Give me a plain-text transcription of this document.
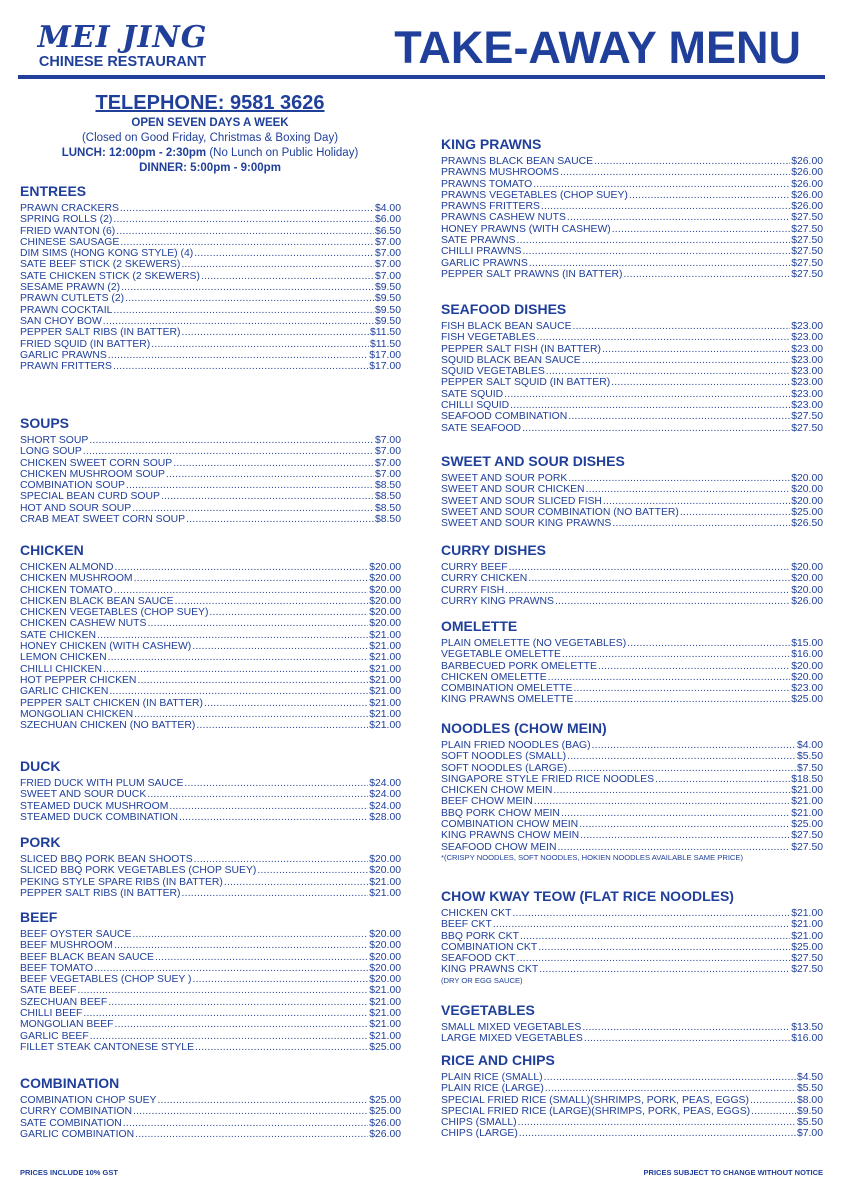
MEI JING
CHINESE RESTAURANT	TAKE-AWAY MENU
TELEPHONE: 9581 3626
OPEN SEVEN DAYS A WEEK
(Closed on Good Friday, Christmas & Boxing Day)
LUNCH: 12:00pm - 2:30pm (No Lunch on Public Holiday)
DINNER: 5:00pm - 9:00pm
ENTREES
PRAWN CRACKERS .....	$4.00
SPRING ROLLS (2) .....	$6.00
FRIED WANTON (6) .....	$6.50
CHINESE SAUSAGE .....	$7.00
DIM SIMS (HONG KONG STYLE) (4) .....	$7.00
SATE BEEF STICK (2 SKEWERS) .....	$7.00
SATE CHICKEN STICK (2 SKEWERS) .....	$7.00
SESAME PRAWN (2) .....	$9.50
PRAWN CUTLETS (2) .....	$9.50
PRAWN COCKTAIL .....	$9.50
SAN CHOY BOW .....	$9.50
PEPPER SALT RIBS (IN BATTER) .....	$11.50
FRIED SQUID (IN BATTER) .....	$11.50
GARLIC PRAWNS .....	$17.00
PRAWN FRITTERS .....	$17.00
SOUPS
SHORT SOUP .....	$7.00
LONG SOUP .....	$7.00
CHICKEN SWEET CORN SOUP .....	$7.00
CHICKEN MUSHROOM SOUP .....	$7.00
COMBINATION SOUP .....	$8.50
SPECIAL BEAN CURD SOUP .....	$8.50
HOT AND SOUR SOUP .....	$8.50
CRAB MEAT SWEET CORN SOUP .....	$8.50
CHICKEN
CHICKEN ALMOND .....	$20.00
CHICKEN MUSHROOM .....	$20.00
CHICKEN TOMATO .....	$20.00
CHICKEN BLACK BEAN SAUCE .....	$20.00
CHICKEN VEGETABLES (CHOP SUEY) .....	$20.00
CHICKEN CASHEW NUTS .....	$20.00
SATE CHICKEN .....	$21.00
HONEY CHICKEN (WITH CASHEW) .....	$21.00
LEMON CHICKEN .....	$21.00
CHILLI CHICKEN .....	$21.00
HOT PEPPER CHICKEN .....	$21.00
GARLIC CHICKEN .....	$21.00
PEPPER SALT CHICKEN (IN BATTER) .....	$21.00
MONGOLIAN CHICKEN .....	$21.00
SZECHUAN CHICKEN (NO BATTER) .....	$21.00
DUCK
FRIED DUCK WITH PLUM SAUCE .....	$24.00
SWEET AND SOUR DUCK .....	$24.00
STEAMED DUCK MUSHROOM .....	$24.00
STEAMED DUCK COMBINATION .....	$28.00
PORK
SLICED BBQ PORK BEAN SHOOTS .....	$20.00
SLICED BBQ PORK VEGETABLES (CHOP SUEY) .....	$20.00
PEKING STYLE SPARE RIBS (IN BATTER) .....	$21.00
PEPPER SALT RIBS (IN BATTER) .....	$21.00
BEEF
BEEF OYSTER SAUCE .....	$20.00
BEEF MUSHROOM .....	$20.00
BEEF BLACK BEAN SAUCE .....	$20.00
BEEF TOMATO .....	$20.00
BEEF VEGETABLES (CHOP SUEY ) .....	$20.00
SATE BEEF .....	$21.00
SZECHUAN BEEF .....	$21.00
CHILLI BEEF .....	$21.00
MONGOLIAN BEEF .....	$21.00
GARLIC BEEF .....	$21.00
FILLET STEAK CANTONESE STYLE .....	$25.00
COMBINATION
COMBINATION CHOP SUEY .....	$25.00
CURRY COMBINATION .....	$25.00
SATE COMBINATION .....	$26.00
GARLIC COMBINATION .....	$26.00
KING PRAWNS
PRAWNS BLACK BEAN SAUCE .....	$26.00
PRAWNS MUSHROOMS .....	$26.00
PRAWNS TOMATO .....	$26.00
PRAWNS VEGETABLES (CHOP SUEY) .....	$26.00
PRAWNS FRITTERS .....	$26.00
PRAWNS CASHEW NUTS .....	$27.50
HONEY PRAWNS (WITH CASHEW) .....	$27.50
SATE PRAWNS .....	$27.50
CHILLI PRAWNS .....	$27.50
GARLIC PRAWNS .....	$27.50
PEPPER SALT PRAWNS (IN BATTER) .....	$27.50
SEAFOOD DISHES
FISH BLACK BEAN SAUCE .....	$23.00
FISH VEGETABLES .....	$23.00
PEPPER SALT FISH (IN BATTER) .....	$23.00
SQUID BLACK BEAN SAUCE .....	$23.00
SQUID VEGETABLES .....	$23.00
PEPPER SALT SQUID (IN BATTER) .....	$23.00
SATE SQUID .....	$23.00
CHILLI SQUID .....	$23.00
SEAFOOD COMBINATION .....	$27.50
SATE SEAFOOD .....	$27.50
SWEET AND SOUR DISHES
SWEET AND SOUR PORK .....	$20.00
SWEET AND SOUR CHICKEN .....	$20.00
SWEET AND SOUR SLICED FISH .....	$20.00
SWEET AND SOUR COMBINATION (NO BATTER) .....	$25.00
SWEET AND SOUR KING PRAWNS .....	$26.50
CURRY DISHES
CURRY BEEF .....	$20.00
CURRY CHICKEN .....	$20.00
CURRY FISH .....	$20.00
CURRY KING PRAWNS .....	$26.00
OMELETTE
PLAIN OMELETTE (NO VEGETABLES) .....	$15.00
VEGETABLE OMELETTE .....	$16.00
BARBECUED PORK OMELETTE .....	$20.00
CHICKEN OMELETTE .....	$20.00
COMBINATION OMELETTE .....	$23.00
KING PRAWNS OMELETTE .....	$25.00
NOODLES (CHOW MEIN)
PLAIN FRIED NOODLES (BAG) .....	$4.00
SOFT NOODLES (SMALL) .....	$5.50
SOFT NOODLES (LARGE) .....	$7.50
SINGAPORE STYLE FRIED RICE NOODLES .....	$18.50
CHICKEN CHOW MEIN .....	$21.00
BEEF CHOW MEIN .....	$21.00
BBQ PORK CHOW MEIN .....	$21.00
COMBINATION CHOW MEIN .....	$25.00
KING PRAWNS CHOW MEIN .....	$27.50
SEAFOOD CHOW MEIN .....	$27.50
*(CRISPY NOODLES, SOFT NOODLES, HOKIEN NOODLES AVAILABLE SAME PRICE)
CHOW KWAY TEOW (FLAT RICE NOODLES)
CHICKEN CKT .....	$21.00
BEEF CKT .....	$21.00
BBQ PORK CKT .....	$21.00
COMBINATION CKT .....	$25.00
SEAFOOD CKT .....	$27.50
KING PRAWNS CKT .....	$27.50
(DRY OR EGG SAUCE)
VEGETABLES
SMALL MIXED VEGETABLES .....	$13.50
LARGE MIXED VEGETABLES .....	$16.00
RICE AND CHIPS
PLAIN RICE (SMALL) .....	$4.50
PLAIN RICE (LARGE) .....	$5.50
SPECIAL FRIED RICE (SMALL)(SHRIMPS, PORK, PEAS, EGGS) .....	$8.00
SPECIAL FRIED RICE (LARGE)(SHRIMPS, PORK, PEAS, EGGS) .....	$9.50
CHIPS (SMALL) .....	$5.50
CHIPS (LARGE) .....	$7.00
PRICES INCLUDE 10% GST	PRICES SUBJECT TO CHANGE WITHOUT NOTICE
